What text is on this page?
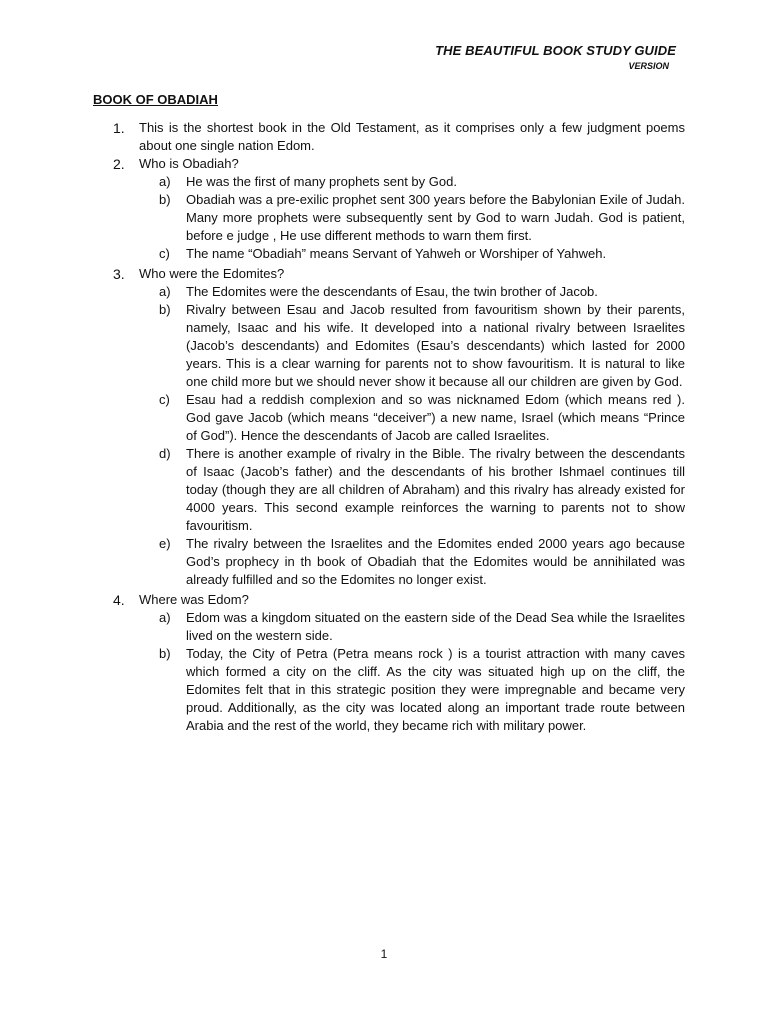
THE BEAUTIFUL BOOK STUDY GUIDE
VERSION
BOOK OF OBADIAH
1.	This is the shortest book in the Old Testament, as it comprises only a few judgment poems about one single nation Edom.
2.	Who is Obadiah?
a)	He was the first of many prophets sent by God.
b)	Obadiah was a pre-exilic prophet sent 300 years before the Babylonian Exile of Judah. Many more prophets were subsequently sent by God to warn Judah. God is patient, before e judge , He use different methods to warn them first.
c)	The name “Obadiah” means Servant of Yahweh or Worshiper of Yahweh.
3.	Who were the Edomites?
a)	The Edomites were the descendants of Esau, the twin brother of Jacob.
b)	Rivalry between Esau and Jacob resulted from favouritism shown by their parents, namely, Isaac and his wife. It developed into a national rivalry between Israelites (Jacob’s descendants) and Edomites (Esau’s descendants) which lasted for 2000 years. This is a clear warning for parents not to show favouritism. It is natural to like one child more but we should never show it because all our children are given by God.
c)	Esau had a reddish complexion and so was nicknamed Edom (which means red ). God gave Jacob (which means “deceiver”) a new name, Israel (which means “Prince of God”). Hence the descendants of Jacob are called Israelites.
d)	There is another example of rivalry in the Bible. The rivalry between the descendants of Isaac (Jacob’s father) and the descendants of his brother Ishmael continues till today (though they are all children of Abraham) and this rivalry has already existed for 4000 years. This second example reinforces the warning to parents not to show favouritism.
e)	The rivalry between the Israelites and the Edomites ended 2000 years ago because God’s prophecy in th book of Obadiah that the Edomites would be annihilated was already fulfilled and so the Edomites no longer exist.
4.	Where was Edom?
a)	Edom was a kingdom situated on the eastern side of the Dead Sea while the Israelites lived on the western side.
b)	Today, the City of Petra (Petra means rock ) is a tourist attraction with many caves which formed a city on the cliff. As the city was situated high up on the cliff, the Edomites felt that in this strategic position they were impregnable and became very proud. Additionally, as the city was located along an important trade route between Arabia and the rest of the world, they became rich with military power.
1
